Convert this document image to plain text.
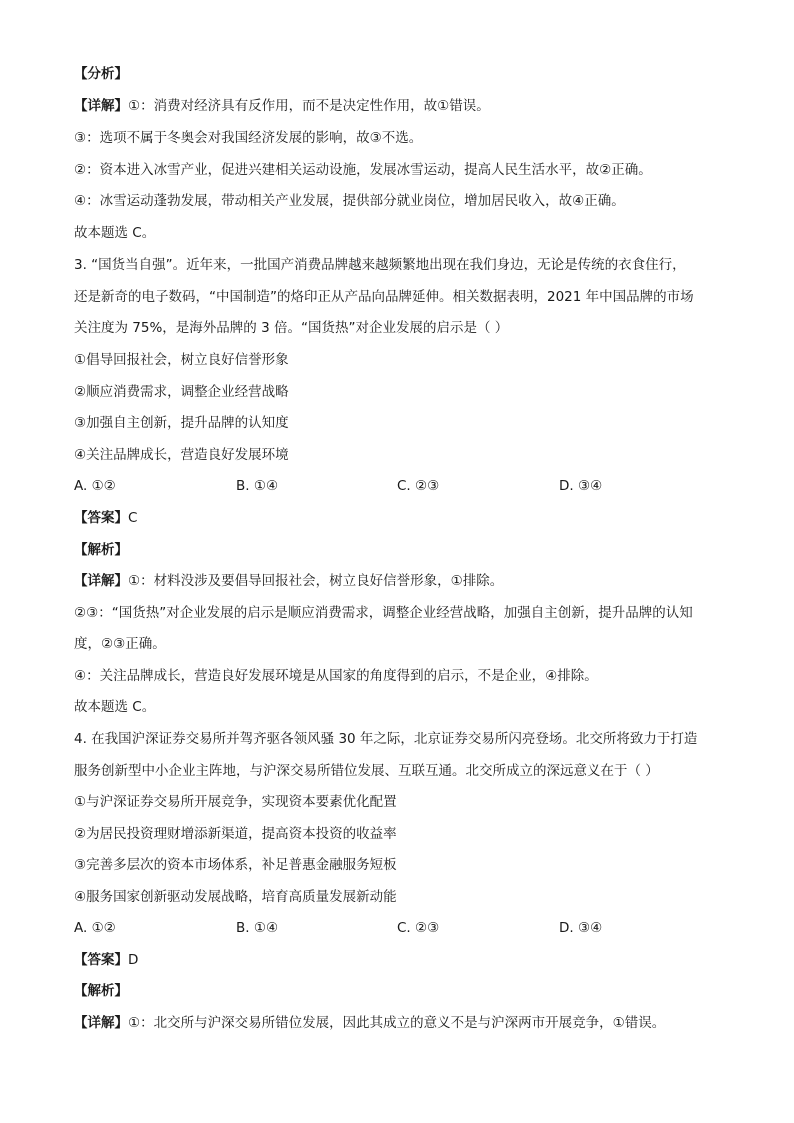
【分析】

【详解】①：消费对经济具有反作用，而不是决定性作用，故①错误。

③：选项不属于冬奥会对我国经济发展的影响，故③不选。

②：资本进入冰雪产业，促进兴建相关运动设施，发展冰雪运动，提高人民生活水平，故②正确。

④：冰雪运动蓬勃发展，带动相关产业发展，提供部分就业岗位，增加居民收入，故④正确。

故本题选 C。

3. “国货当自强”。近年来，一批国产消费品牌越来越频繁地出现在我们身边，无论是传统的衣食住行，

还是新奇的电子数码，“中国制造”的烙印正从产品向品牌延伸。相关数据表明，2021 年中国品牌的市场

关注度为 75%，是海外品牌的 3 倍。“国货热”对企业发展的启示是（ ）

①倡导回报社会，树立良好信誉形象

②顺应消费需求，调整企业经营战略

③加强自主创新，提升品牌的认知度

④关注品牌成长，营造良好发展环境

A. ①②	B. ①④	C. ②③	D. ③④

【答案】C

【解析】

【详解】①：材料没涉及要倡导回报社会，树立良好信誉形象，①排除。

②③：“国货热”对企业发展的启示是顺应消费需求，调整企业经营战略，加强自主创新，提升品牌的认知

度，②③正确。

④：关注品牌成长，营造良好发展环境是从国家的角度得到的启示，不是企业，④排除。

故本题选 C。

4. 在我国沪深证券交易所并驾齐驱各领风骚 30 年之际，北京证券交易所闪亮登场。北交所将致力于打造

服务创新型中小企业主阵地，与沪深交易所错位发展、互联互通。北交所成立的深远意义在于（ ）

①与沪深证券交易所开展竞争，实现资本要素优化配置

②为居民投资理财增添新渠道，提高资本投资的收益率

③完善多层次的资本市场体系，补足普惠金融服务短板

④服务国家创新驱动发展战略，培育高质量发展新动能

A. ①②	B. ①④	C. ②③	D. ③④

【答案】D

【解析】

【详解】①：北交所与沪深交易所错位发展，因此其成立的意义不是与沪深两市开展竞争，①错误。
